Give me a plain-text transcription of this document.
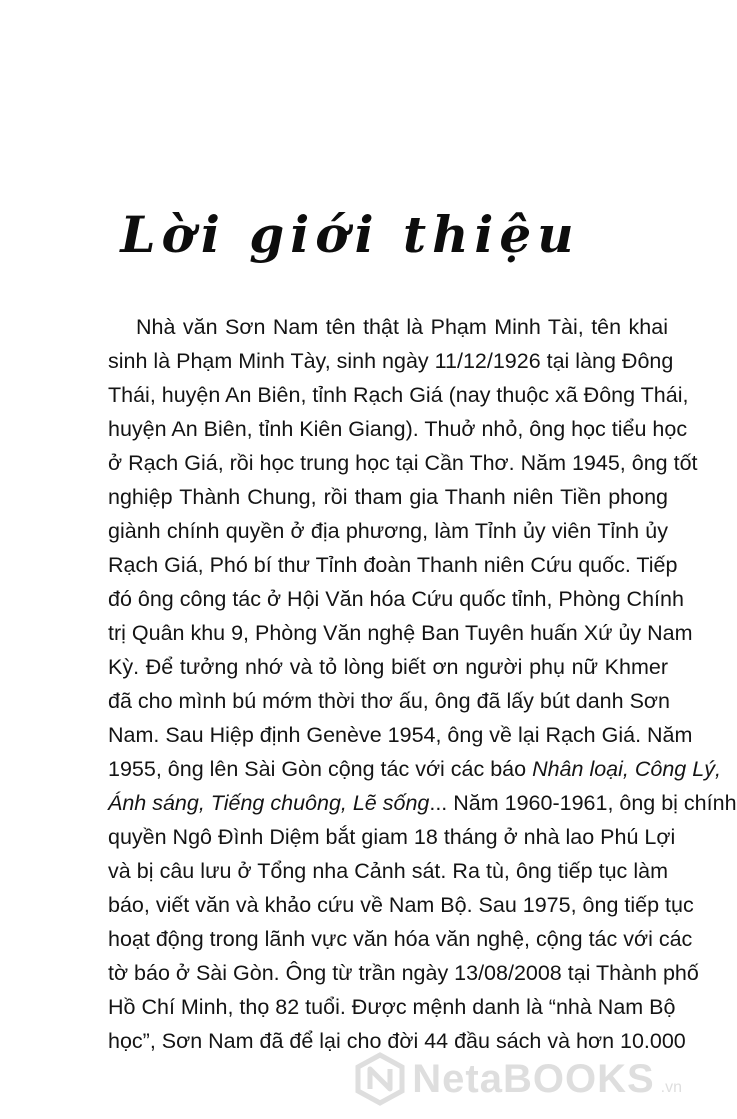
Lời giới thiệu
Nhà văn Sơn Nam tên thật là Phạm Minh Tài, tên khai
sinh là Phạm Minh Tày, sinh ngày 11/12/1926 tại làng Đông
Thái, huyện An Biên, tỉnh Rạch Giá (nay thuộc xã Đông Thái,
huyện An Biên, tỉnh Kiên Giang). Thuở nhỏ, ông học tiểu học
ở Rạch Giá, rồi học trung học tại Cần Thơ. Năm 1945, ông tốt
nghiệp Thành Chung, rồi tham gia Thanh niên Tiền phong
giành chính quyền ở địa phương, làm Tỉnh ủy viên Tỉnh ủy
Rạch Giá, Phó bí thư Tỉnh đoàn Thanh niên Cứu quốc. Tiếp
đó ông công tác ở Hội Văn hóa Cứu quốc tỉnh, Phòng Chính
trị Quân khu 9, Phòng Văn nghệ Ban Tuyên huấn Xứ ủy Nam
Kỳ. Để tưởng nhớ và tỏ lòng biết ơn người phụ nữ Khmer
đã cho mình bú mớm thời thơ ấu, ông đã lấy bút danh Sơn
Nam. Sau Hiệp định Genève 1954, ông về lại Rạch Giá. Năm
1955, ông lên Sài Gòn cộng tác với các báo Nhân loại, Công Lý,
Ánh sáng, Tiếng chuông, Lẽ sống... Năm 1960-1961, ông bị chính
quyền Ngô Đình Diệm bắt giam 18 tháng ở nhà lao Phú Lợi
và bị câu lưu ở Tổng nha Cảnh sát. Ra tù, ông tiếp tục làm
báo, viết văn và khảo cứu về Nam Bộ. Sau 1975, ông tiếp tục
hoạt động trong lãnh vực văn hóa văn nghệ, cộng tác với các
tờ báo ở Sài Gòn. Ông từ trần ngày 13/08/2008 tại Thành phố
Hồ Chí Minh, thọ 82 tuổi. Được mệnh danh là “nhà Nam Bộ
học”, Sơn Nam đã để lại cho đời 44 đầu sách và hơn 10.000
NetaBOOKS .vn
